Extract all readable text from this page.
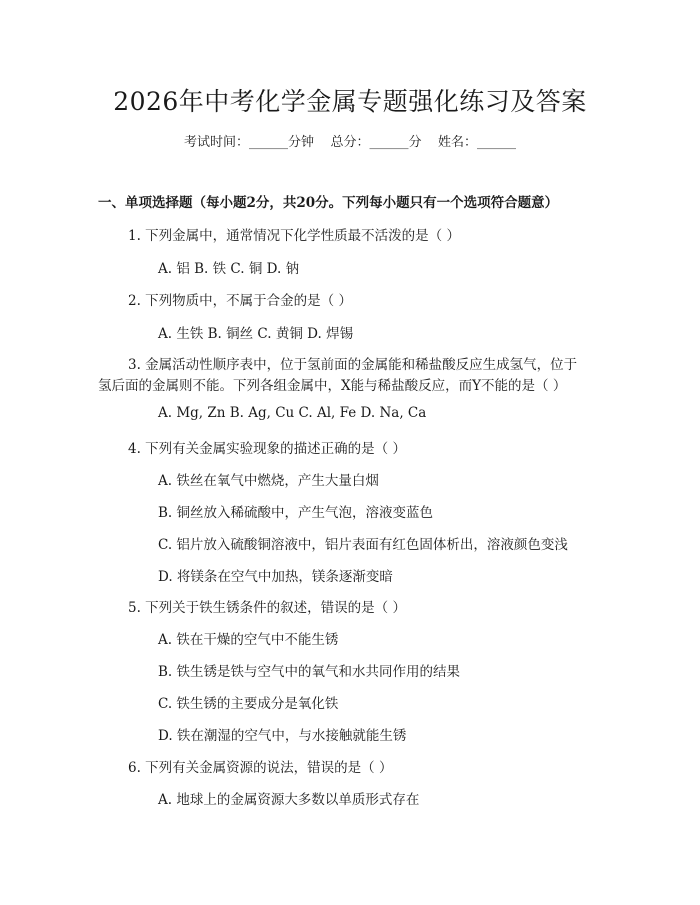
2026年中考化学金属专题强化练习及答案
考试时间：______分钟    总分：______分    姓名：______
一、单项选择题（每小题2分，共20分。下列每小题只有一个选项符合题意）
1. 下列金属中，通常情况下化学性质最不活泼的是（ ）
A. 铝 B. 铁 C. 铜 D. 钠
2. 下列物质中，不属于合金的是（ ）
A. 生铁 B. 铜丝 C. 黄铜 D. 焊锡
3. 金属活动性顺序表中，位于氢前面的金属能和稀盐酸反应生成氢气，位于
氢后面的金属则不能。下列各组金属中，X能与稀盐酸反应，而Y不能的是（ ）
A. Mg, Zn B. Ag, Cu C. Al, Fe D. Na, Ca
4. 下列有关金属实验现象的描述正确的是（ ）
A. 铁丝在氧气中燃烧，产生大量白烟
B. 铜丝放入稀硫酸中，产生气泡，溶液变蓝色
C. 铝片放入硫酸铜溶液中，铝片表面有红色固体析出，溶液颜色变浅
D. 将镁条在空气中加热，镁条逐渐变暗
5. 下列关于铁生锈条件的叙述，错误的是（ ）
A. 铁在干燥的空气中不能生锈
B. 铁生锈是铁与空气中的氧气和水共同作用的结果
C. 铁生锈的主要成分是氧化铁
D. 铁在潮湿的空气中，与水接触就能生锈
6. 下列有关金属资源的说法，错误的是（ ）
A. 地球上的金属资源大多数以单质形式存在
